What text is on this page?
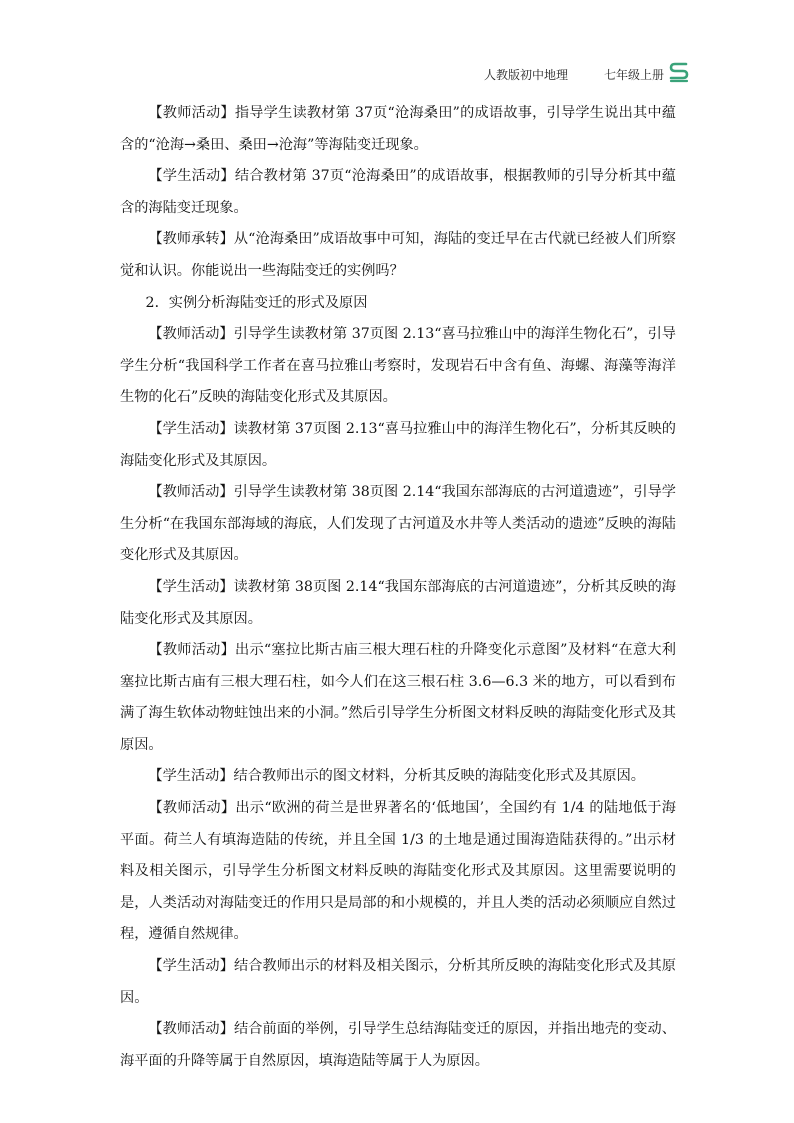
人教版初中地理	七年级上册

【教师活动】指导学生读教材第 37页“沧海桑田”的成语故事，引导学生说出其中蕴含的“沧海→桑田、桑田→沧海”等海陆变迁现象。

【学生活动】结合教材第 37页“沧海桑田”的成语故事，根据教师的引导分析其中蕴含的海陆变迁现象。

【教师承转】从“沧海桑田”成语故事中可知，海陆的变迁早在古代就已经被人们所察觉和认识。你能说出一些海陆变迁的实例吗？

2．实例分析海陆变迁的形式及原因

【教师活动】引导学生读教材第 37页图 2.13“喜马拉雅山中的海洋生物化石”，引导学生分析“我国科学工作者在喜马拉雅山考察时，发现岩石中含有鱼、海螺、海藻等海洋生物的化石”反映的海陆变化形式及其原因。

【学生活动】读教材第 37页图 2.13“喜马拉雅山中的海洋生物化石”，分析其反映的海陆变化形式及其原因。

【教师活动】引导学生读教材第 38页图 2.14“我国东部海底的古河道遗迹”，引导学生分析“在我国东部海域的海底，人们发现了古河道及水井等人类活动的遗迹”反映的海陆变化形式及其原因。

【学生活动】读教材第 38页图 2.14“我国东部海底的古河道遗迹”，分析其反映的海陆变化形式及其原因。

【教师活动】出示“塞拉比斯古庙三根大理石柱的升降变化示意图”及材料“在意大利塞拉比斯古庙有三根大理石柱，如今人们在这三根石柱 3.6—6.3 米的地方，可以看到布满了海生软体动物蛀蚀出来的小洞。”然后引导学生分析图文材料反映的海陆变化形式及其原因。

【学生活动】结合教师出示的图文材料，分析其反映的海陆变化形式及其原因。

【教师活动】出示“欧洲的荷兰是世界著名的‘低地国’，全国约有 1/4 的陆地低于海平面。荷兰人有填海造陆的传统，并且全国 1/3 的土地是通过围海造陆获得的。”出示材料及相关图示，引导学生分析图文材料反映的海陆变化形式及其原因。这里需要说明的是，人类活动对海陆变迁的作用只是局部的和小规模的，并且人类的活动必须顺应自然过程，遵循自然规律。

【学生活动】结合教师出示的材料及相关图示，分析其所反映的海陆变化形式及其原因。

【教师活动】结合前面的举例，引导学生总结海陆变迁的原因，并指出地壳的变动、海平面的升降等属于自然原因，填海造陆等属于人为原因。
